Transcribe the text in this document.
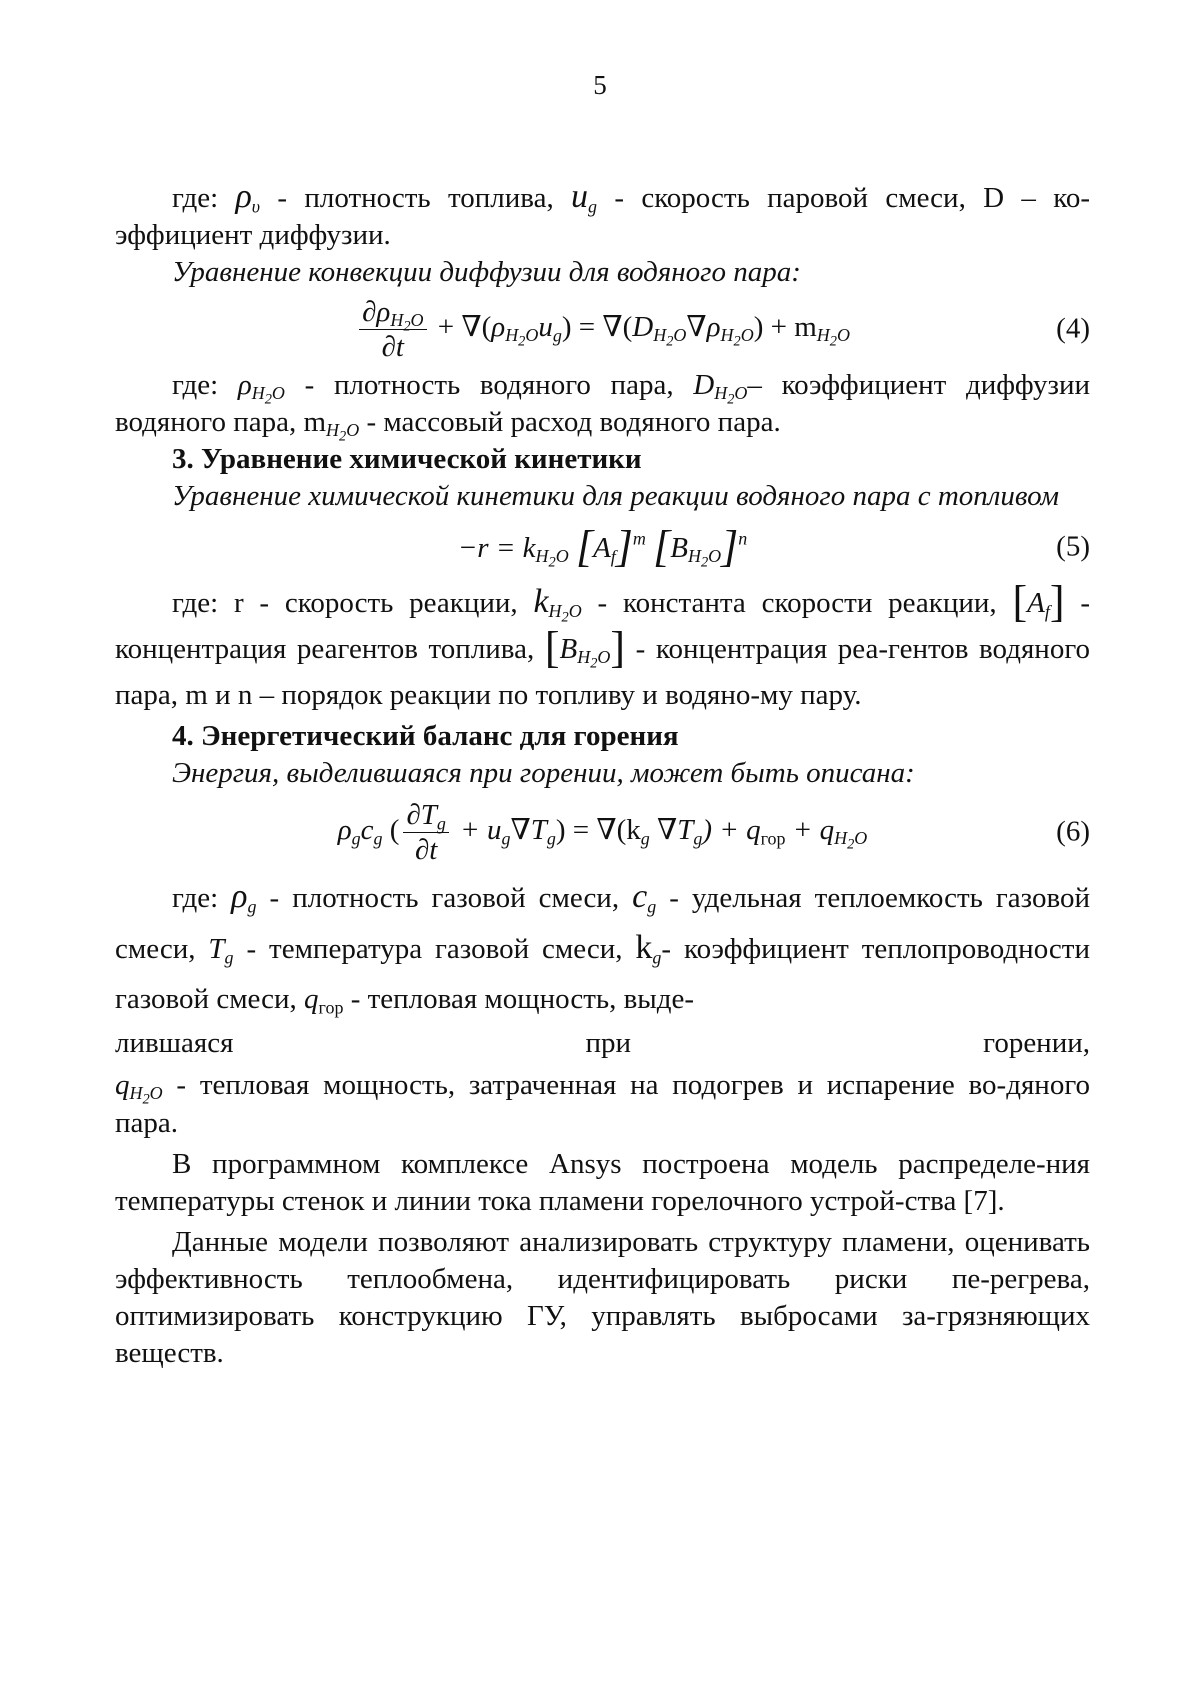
5

где: $\rho_\upsilon$ - плотность топлива, $u_g$ - скорость паровой смеси, D – ко-эффициент диффузии.

Уравнение конвекции диффузии для водяного пара:

$\frac{\partial\rho_{H_2O}}{\partial t} + \nabla(\rho_{H_2O}u_g) = \nabla(D_{H_2O}\nabla\rho_{H_2O}) + m_{H_2O}$	(4)

где: $\rho_{H_2O}$ - плотность водяного пара, $D_{H_2O}-$ коэффициент диффузии водяного пара, $m_{H_2O}$ - массовый расход водяного пара.

3. Уравнение химической кинетики

Уравнение химической кинетики для реакции водяного пара с топливом

$-r = k_{H_2O}$ $[A_f]^m$ $[B_{H_2O}]^n$	(5)

где: r - скорость реакции, $k_{H_2O}$ - константа скорости реакции, $[A_f]$ - концентрация реагентов топлива, $[B_{H_2O}]$ - концентрация реа-гентов водяного пара, m и n – порядок реакции по топливу и водяно-му пару.

4. Энергетический баланс для горения

Энергия, выделившаяся при горении, может быть описана:

$\rho_gc_g$ ( $\frac{\partial T_g}{\partial t} + u_g\nabla T_g) = \nabla(k_g$ $\nabla T_g) + q_{гор} + q_{H_2O}$	(6)

где: $\rho_g$ - плотность газовой смеси, $c_g$ - удельная теплоемкость газовой смеси, $T_g$ - температура газовой смеси, $k_g-$ коэффициент теплопроводности газовой смеси, $q_{гор}$ - тепловая мощность, выде-

лившаяся	при	горении,

$q_{H_2O}$ - тепловая мощность, затраченная на подогрев и испарение во-дяного пара.

В программном комплексе Ansys построена модель распределе-ния температуры стенок и линии тока пламени горелочного устрой-ства [7].

Данные модели позволяют анализировать структуру пламени, оценивать эффективность теплообмена, идентифицировать риски пе-регрева, оптимизировать конструкцию ГУ, управлять выбросами за-грязняющих веществ.
